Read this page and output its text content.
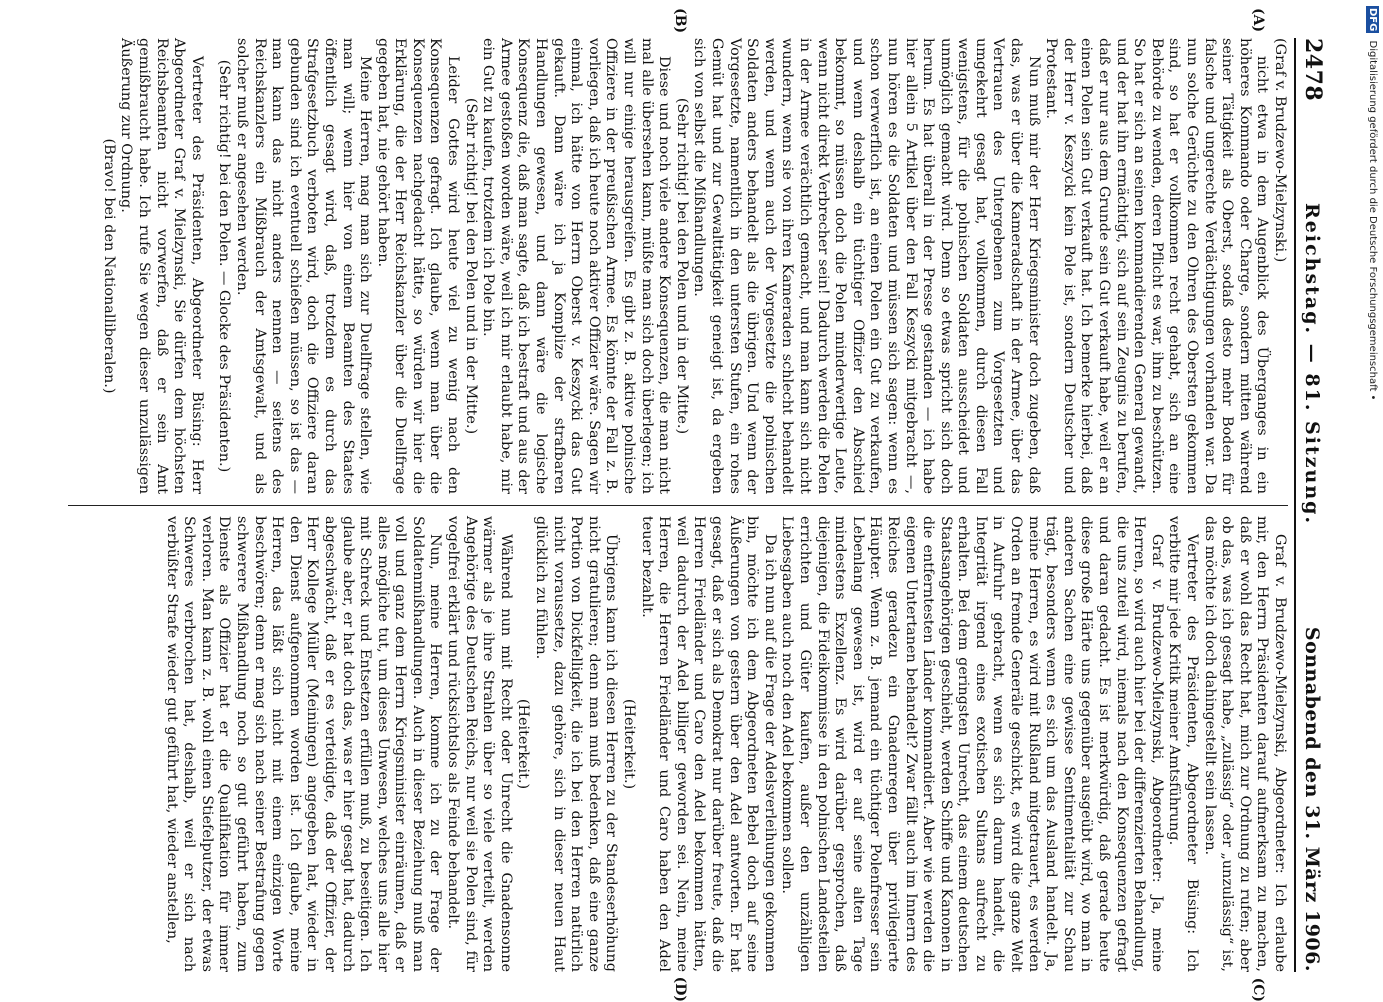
2478
Reichstag. — 81. Sitzung.
Sonnabend den 31. März 1906.
(A)
(B)

(Graf v. Brudzewo-Mielzynski.)

nicht etwa in dem Augenblick des Überganges in ein höheres Kommando oder Charge, sondern mitten während seiner Tätigkeit als Oberst, sodaß desto mehr Boden für falsche und ungerechte Verdächtigungen vorhanden war. Da nun solche Gerüchte zu den Ohren des Obersten gekommen sind, so hat er vollkommen recht gehabt, sich an eine Behörde zu wenden, deren Pflicht es war, ihm zu beschützen. So hat er sich an seinen kommandierenden General gewandt, und der hat ihn ermächtigt, sich auf sein Zeugnis zu berufen, daß er nur aus dem Grunde sein Gut verkauft habe, weil er an einen Polen sein Gut verkauft hat. Ich bemerke hierbei, daß der Herr v. Keszycki kein Pole ist, sondern Deutscher und Protestant.

Nun muß mir der Herr Kriegsminister doch zugeben, daß das, was er über die Kameradschaft in der Armee, über das Vertrauen des Untergebenen zum Vorgesetzten und umgekehrt gesagt hat, vollkommen, durch diesen Fall wenigstens, für die polnischen Soldaten ausscheidet und unmöglich gemacht wird. Denn so etwas spricht sich doch herum. Es hat überall in der Presse gestanden — ich habe hier allein 5 Artikel über den Fall Keszycki mitgebracht —, nun hören es die Soldaten und müssen sich sagen: wenn es schon verwerflich ist, an einen Polen ein Gut zu verkaufen, und wenn deshalb ein tüchtiger Offizier den Abschied bekommt, so müssen doch die Polen minderwertige Leute, wenn nicht direkt Verbrecher sein! Dadurch werden die Polen in der Armee verächtlich gemacht, und man kann sich nicht wundern, wenn sie von ihren Kameraden schlecht behandelt werden, und wenn auch der Vorgesetzte die polnischen Soldaten anders behandelt als die übrigen. Und wenn der Vorgesetzte, namentlich in den untersten Stufen, ein rohes Gemüt hat und zur Gewalttätigkeit geneigt ist, da ergeben sich von selbst die Mißhandlungen.

(Sehr richtig! bei den Polen und in der Mitte.)

Diese und noch viele andere Konsequenzen, die man nicht mal alle übersehen kann, müßte man sich doch überlegen; ich will nur einige herausgreifen. Es gibt z. B. aktive polnische Offiziere in der preußischen Armee. Es könnte der Fall z. B. vorliegen, daß ich heute noch aktiver Offizier wäre. Sagen wir einmal, ich hätte von Herrn Oberst v. Keszycki das Gut gekauft. Dann wäre ich ja Komplize der strafbaren Handlungen gewesen, und dann wäre die logische Konsequenz die, daß man sagte, daß ich bestraft und aus der Armee gestoßen worden wäre, weil ich mir erlaubt habe, mir ein Gut zu kaufen, trotzdem ich Pole bin.

(Sehr richtig! bei den Polen und in der Mitte.)

Leider Gottes wird heute viel zu wenig nach den Konsequenzen gefragt. Ich glaube, wenn man über die Konsequenzen nachgedacht hätte, so würden wir hier die Erklärung, die der Herr Reichskanzler über die Duellfrage gegeben hat, nie gehört haben.

Meine Herren, mag man sich zur Duellfrage stellen, wie man will; wenn hier von einem Beamten des Staates öffentlich gesagt wird, daß, trotzdem es durch das Strafgesetzbuch verboten wird, doch die Offiziere daran gebunden sind ich eventuell schießen müssen, so ist das — man kann das nicht anders nennen — seitens des Reichskanzlers ein Mißbrauch der Amtsgewalt, und als solcher muß er angesehen werden.

(Sehr richtig! bei den Polen. — Glocke des Präsidenten.)

Vertreter des Präsidenten, Abgeordneter Büsing: Herr Abgeordneter Graf v. Mielzynski, Sie dürfen dem höchsten Reichsbeamten nicht vorwerfen, daß er sein Amt gemißbraucht habe. Ich rufe Sie wegen dieser unzulässigen Äußerung zur Ordnung.

(Bravo! bei den Nationalliberalen.)

(C)
(D)

Graf v. Brudzewo-Mielzynski, Abgeordneter: Ich erlaube mir, den Herrn Präsidenten darauf aufmerksam zu machen, daß er wohl das Recht hat, mich zur Ordnung zu rufen; aber ob das, was ich gesagt habe, „zulässig“ oder „unzulässig“ ist, das möchte ich doch dahingestellt sein lassen.

Vertreter des Präsidenten, Abgeordneter Büsing: Ich verbitte mir jede Kritik meiner Amtsführung.

Graf v. Brudzewo-Mielzynski, Abgeordneter: Ja, meine Herren, so wird auch hier bei der differenzierten Behandlung, die uns zuteil wird, niemals nach den Konsequenzen gefragt und daran gedacht. Es ist merkwürdig, daß gerade heute diese große Härte uns gegenüber ausgeübt wird, wo man in anderen Sachen eine gewisse Sentimentalität zur Schau trägt, besonders wenn es sich um das Ausland handelt. Ja, meine Herren, es wird mit Rußland mitgetrauert, es werden Orden an fremde Generäle geschickt, es wird die ganze Welt in Aufruhr gebracht, wenn es sich darum handelt, die Integrität irgend eines exotischen Sultans aufrecht zu erhalten. Bei dem geringsten Unrecht, das einem deutschen Staatsangehörigen geschieht, werden Schiffe und Kanonen in die entferntesten Länder kommandiert. Aber wie werden die eigenen Untertanen behandelt? Zwar fällt auch im Innern des Reiches geradezu ein Gnadenregen über privilegierte Häupter. Wenn z. B. jemand ein tüchtiger Polenfresser sein Lebenlang gewesen ist, wird er auf seine alten Tage mindestens Exzellenz. Es wird darüber gesprochen, daß diejenigen, die Fideikommisse in den polnischen Landesteilen errichten und Güter kaufen, außer den unzähligen Liebesgaben auch noch den Adel bekommen sollen.

Da ich nun auf die Frage der Adelsverleihungen gekommen bin, möchte ich dem Abgeordneten Bebel doch auf seine Äußerungen von gestern über den Adel antworten. Er hat gesagt, daß er sich als Demokrat nur darüber freute, daß die Herren Friedländer und Caro den Adel bekommen hätten, weil dadurch der Adel billiger geworden sei. Nein, meine Herren, die Herren Friedländer und Caro haben den Adel teuer bezahlt.

(Heiterkeit.)

Übrigens kann ich diesen Herren zu der Standeserhöhung nicht gratulieren; denn man muß bedenken, daß eine ganze Portion von Dickfelligkeit, die ich bei den Herren natürlich nicht voraussetze, dazu gehöre, sich in dieser neuen Haut glücklich zu fühlen.

(Heiterkeit.)

Während nun mit Recht oder Unrecht die Gnadensonne wärmer als je ihre Strahlen über so viele verteilt, werden Angehörige des Deutschen Reichs, nur weil sie Polen sind, für vogelfrei erklärt und rücksichtslos als Feinde behandelt.

Nun, meine Herren, komme ich zu der Frage der Soldatenmißhandlungen. Auch in dieser Beziehung muß man voll und ganz dem Herrn Kriegsminister einräumen, daß er alles mögliche tut, um dieses Unwesen, welches uns alle hier mit Schreck und Entsetzen erfüllen muß, zu beseitigen. Ich glaube aber, er hat doch das, was er hier gesagt hat, dadurch abgeschwächt, daß er es verteidigte, daß der Offizier, der Herr Kollege Müller (Meiningen) angegeben hat, wieder in den Dienst aufgenommen worden ist. Ich glaube, meine Herren, das läßt sich nicht mit einem einzigen Worte beschwören; denn er mag sich nach seiner Bestrafung gegen schwerere Mißhandlung noch so gut geführt haben, zum Dienste als Offizier hat er die Qualifikation für immer verloren. Man kann z. B. wohl einen Stiefelputzer, der etwas Schweres verbrochen hat, deshalb, weil er sich nach verbüßter Strafe wieder gut geführt hat, wieder anstellen,

DFG Digitalisierung gefördert durch die Deutsche Forschungsgemeinschaft •
